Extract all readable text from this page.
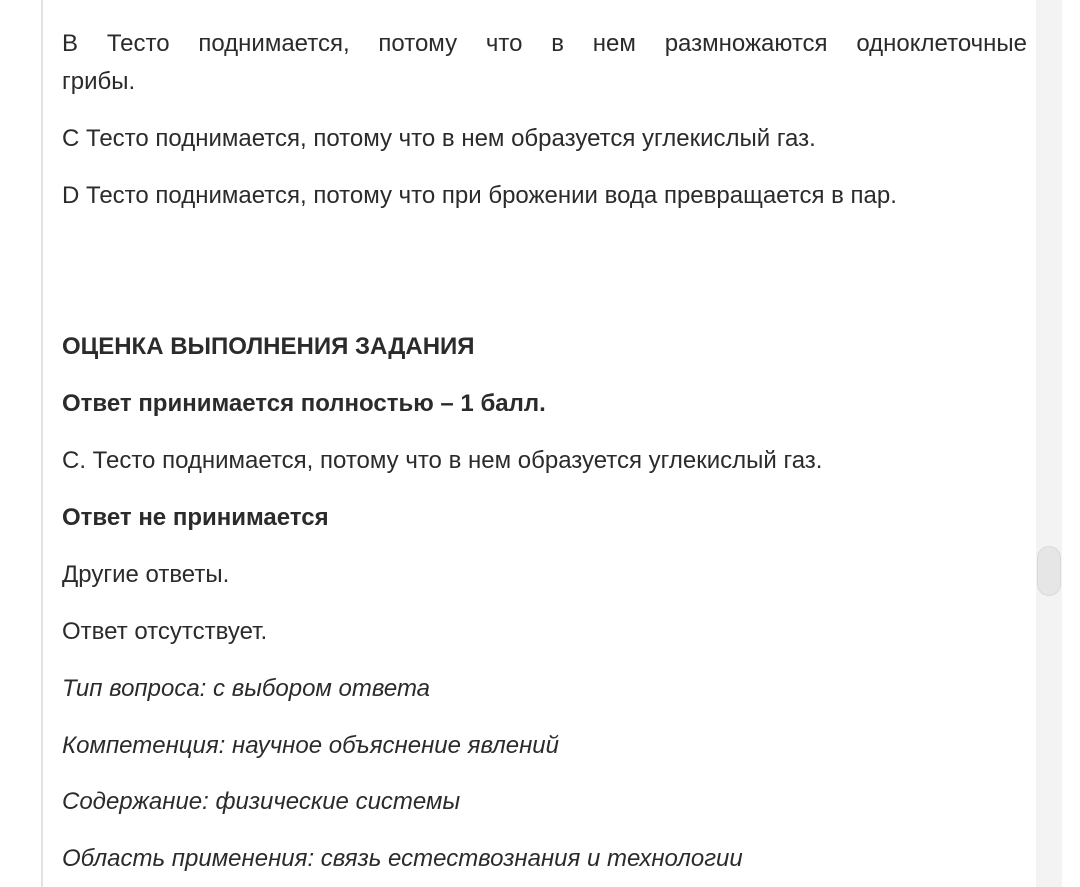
B Тесто поднимается, потому что в нем размножаются одноклеточные
грибы.
C Тесто поднимается, потому что в нем образуется углекислый газ.
D Тесто поднимается, потому что при брожении вода превращается в пар.
ОЦЕНКА ВЫПОЛНЕНИЯ ЗАДАНИЯ
Ответ принимается полностью – 1 балл.
C. Тесто поднимается, потому что в нем образуется углекислый газ.
Ответ не принимается
Другие ответы.
Ответ отсутствует.
Тип вопроса: с выбором ответа
Компетенция: научное объяснение явлений
Содержание: физические системы
Область применения: связь естествознания и технологии
